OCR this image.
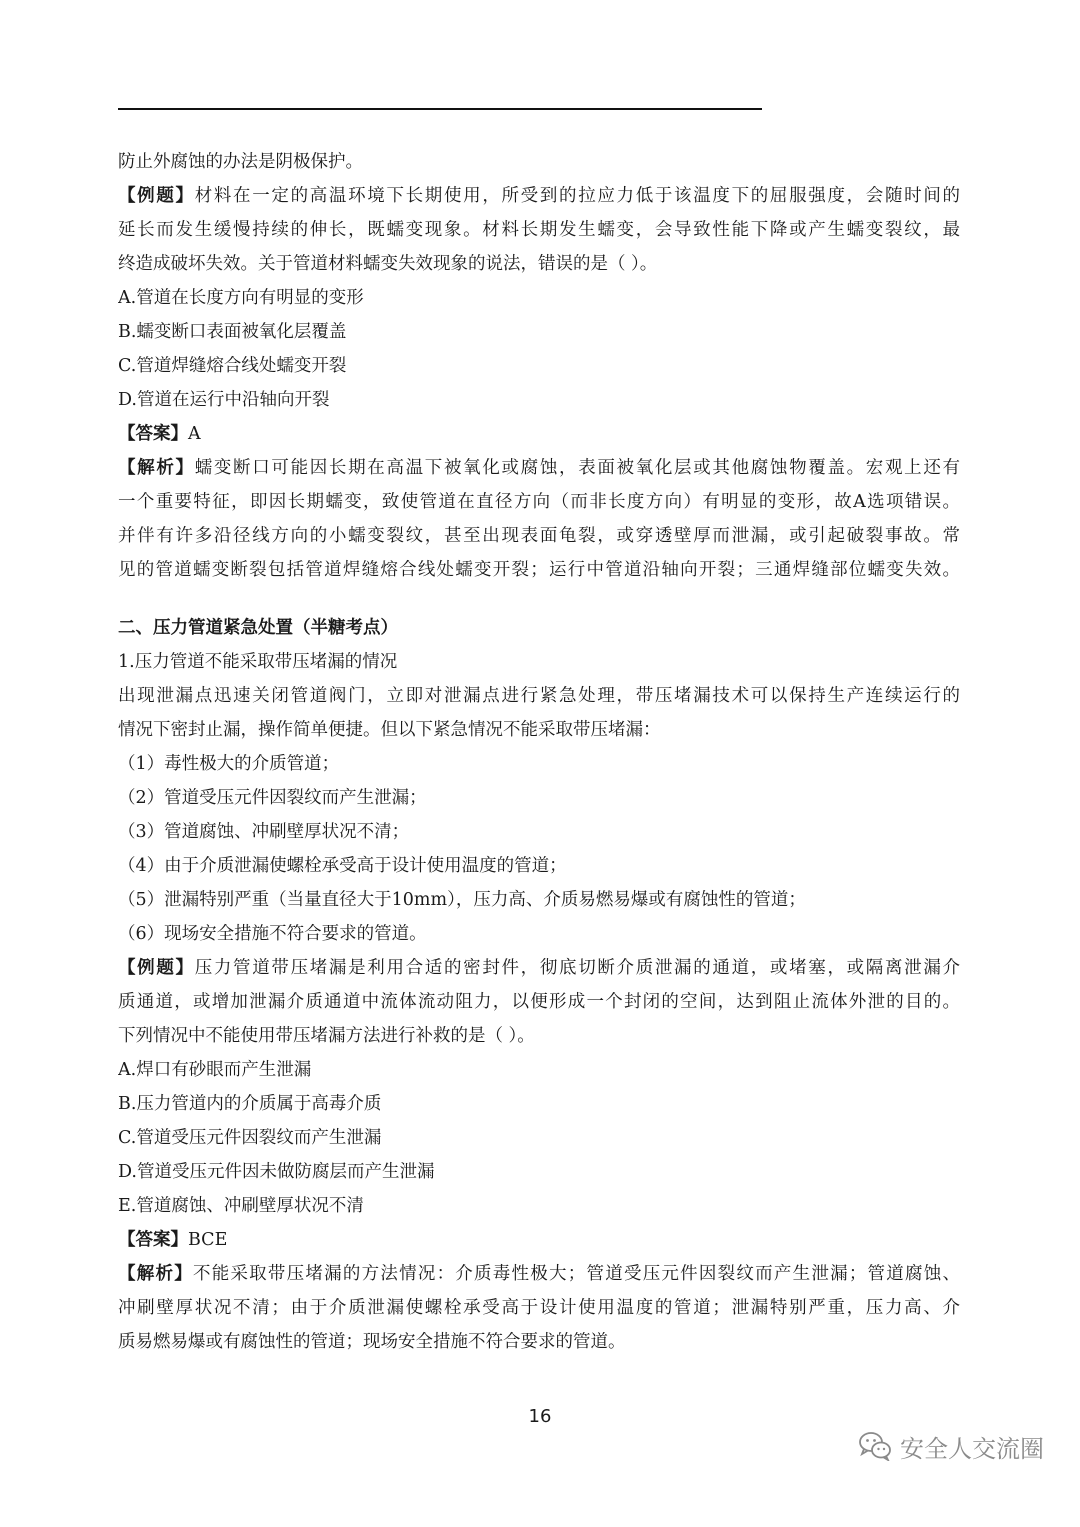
防止外腐蚀的办法是阴极保护。
【例题】材料在一定的高温环境下长期使用，所受到的拉应力低于该温度下的屈服强度，会随时间的
延长而发生缓慢持续的伸长，既蠕变现象。材料长期发生蠕变，会导致性能下降或产生蠕变裂纹，最
终造成破坏失效。关于管道材料蠕变失效现象的说法，错误的是（ ）。
A.管道在长度方向有明显的变形
B.蠕变断口表面被氧化层覆盖
C.管道焊缝熔合线处蠕变开裂
D.管道在运行中沿轴向开裂
【答案】A
【解析】蠕变断口可能因长期在高温下被氧化或腐蚀，表面被氧化层或其他腐蚀物覆盖。宏观上还有
一个重要特征，即因长期蠕变，致使管道在直径方向（而非长度方向）有明显的变形，故A选项错误。
并伴有许多沿径线方向的小蠕变裂纹，甚至出现表面龟裂，或穿透壁厚而泄漏，或引起破裂事故。常
见的管道蠕变断裂包括管道焊缝熔合线处蠕变开裂；运行中管道沿轴向开裂；三通焊缝部位蠕变失效。
二、压力管道紧急处置（半糖考点）
1.压力管道不能采取带压堵漏的情况
出现泄漏点迅速关闭管道阀门，立即对泄漏点进行紧急处理，带压堵漏技术可以保持生产连续运行的
情况下密封止漏，操作简单便捷。但以下紧急情况不能采取带压堵漏：
（1）毒性极大的介质管道；
（2）管道受压元件因裂纹而产生泄漏；
（3）管道腐蚀、冲刷壁厚状况不清；
（4）由于介质泄漏使螺栓承受高于设计使用温度的管道；
（5）泄漏特别严重（当量直径大于10mm），压力高、介质易燃易爆或有腐蚀性的管道；
（6）现场安全措施不符合要求的管道。
【例题】压力管道带压堵漏是利用合适的密封件，彻底切断介质泄漏的通道，或堵塞，或隔离泄漏介
质通道，或增加泄漏介质通道中流体流动阻力，以便形成一个封闭的空间，达到阻止流体外泄的目的。
下列情况中不能使用带压堵漏方法进行补救的是（ ）。
A.焊口有砂眼而产生泄漏
B.压力管道内的介质属于高毒介质
C.管道受压元件因裂纹而产生泄漏
D.管道受压元件因未做防腐层而产生泄漏
E.管道腐蚀、冲刷壁厚状况不清
【答案】BCE
【解析】不能采取带压堵漏的方法情况：介质毒性极大；管道受压元件因裂纹而产生泄漏；管道腐蚀、
冲刷壁厚状况不清；由于介质泄漏使螺栓承受高于设计使用温度的管道；泄漏特别严重，压力高、介
质易燃易爆或有腐蚀性的管道；现场安全措施不符合要求的管道。
16
安全人交流圈
